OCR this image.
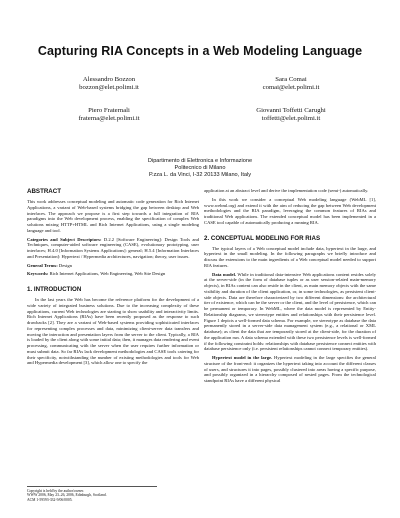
Capturing RIA Concepts in a Web Modeling Language
Alessandro Bozzon
bozzon@elet.polimi.it
Sara Comai
comai@elet.polimi.it
Piero Fraternali
fraterna@elet.polimi.it
Giovanni Toffetti Carughi
toffetti@elet.polimi.it
Dipartimento di Elettronica e Informazione
Politecnico di Milano
P.zza L. da Vinci, I-32 20133 Milano, Italy
ABSTRACT

This work addresses conceptual modeling and automatic code generation for Rich Internet Applications, a variant of Web-based systems bridging the gap between desktop and Web interfaces. The approach we propose is a first step towards a full integration of RIA paradigms into the Web development process, enabling the specification of complex Web solutions mixing HTTP+HTML and Rich Internet Applications, using a single modeling language and tool.

Categories and Subject Descriptors: D.2.2 [Software Engineering]: Design Tools and Techniques, computer-aided software engineering (CASE), evolutionary prototyping, user interfaces; H.4.0 [Information Systems Applications]: general; H.5.4 [Information Interfaces and Presentation]: Hypertext / Hypermedia architectures, navigation; theory, user issues.

General Terms: Design

Keywords: Rich Internet Applications, Web Engineering, Web Site Design

1. INTRODUCTION

In the last years the Web has become the reference platform for the development of a wide variety of integrated business solutions. Due to the increasing complexity of these applications, current Web technologies are starting to show usability and interactivity limits. Rich Internet Applications (RIAs) have been recently proposed as the response to such drawbacks [2]. They are a variant of Web-based systems providing sophisticated interfaces for representing complex processes and data, minimizing client-server data transfers and moving the interaction and presentation layers from the server to the client. Typically, a RIA is loaded by the client along with some initial data; then, it manages data rendering and event processing, communicating with the server when the user requires further information or must submit data. So far RIAs lack development methodologies and CASE tools catering for their specificity, notwithstanding the number of existing methodologies and tools for Web and Hypermedia development [3], which allow one to specify the

Copyright is held by the author/owner.
WWW 2006, May 23–26, 2006, Edinburgh, Scotland.
ACM 1-59593-332-9/06/0005.

application at an abstract level and derive the implementation code (semi-) automatically.

In this work we consider a conceptual Web modeling language (WebML [1], www.webml.org) and extend it with the aim of reducing the gap between Web development methodologies and the RIA paradigm, leveraging the common features of RIAs and traditional Web applications. The extended conceptual model has been implemented in a CASE tool capable of automatically producing a running RIA.

2. CONCEPTUAL MODELING FOR RIAS

The typical layers of a Web conceptual model include data, hypertext in the large, and hypertext in the small modeling. In the following paragraphs we briefly introduce and discuss the extensions to the main ingredients of a Web conceptual model needed to support RIA features.

Data model. While in traditional data-intensive Web applications content resides solely at the server-side (in the form of database tuples or as user session-related main-memory objects), in RIAs content can also reside in the client, as main memory objects with the same visibility and duration of the client application, or, in some technologies, as persistent client-side objects. Data are therefore characterized by two different dimensions: the architectural tier of existence, which can be the server or the client, and the level of persistence, which can be permanent or temporary. In WebML, where the data model is represented by Entity-Relationship diagrams, we stereotype entities and relationships with their persistence level. Figure 1 depicts a well-formed data schema. For example, we stereotype as database the data permanently stored in a server-side data management system (e.g., a relational or XML database); as client the data that are temporarily stored at the client-side, for the duration of the application run. A data schema extended with these two persistence levels is well-formed if the following constraint holds: relationships with database persistence connect entities with database persistence only (i.e. persistent relationships cannot connect temporary entities).

Hypertext model in the large. Hypertext modeling in the large specifies the general structure of the front-end: it organizes the hypertext taking into account the different classes of users, and structures it into pages, possibly clustered into areas having a specific purpose, and possibly organized in a hierarchy composed of nested pages. From the technological standpoint RIAs have a different physical
